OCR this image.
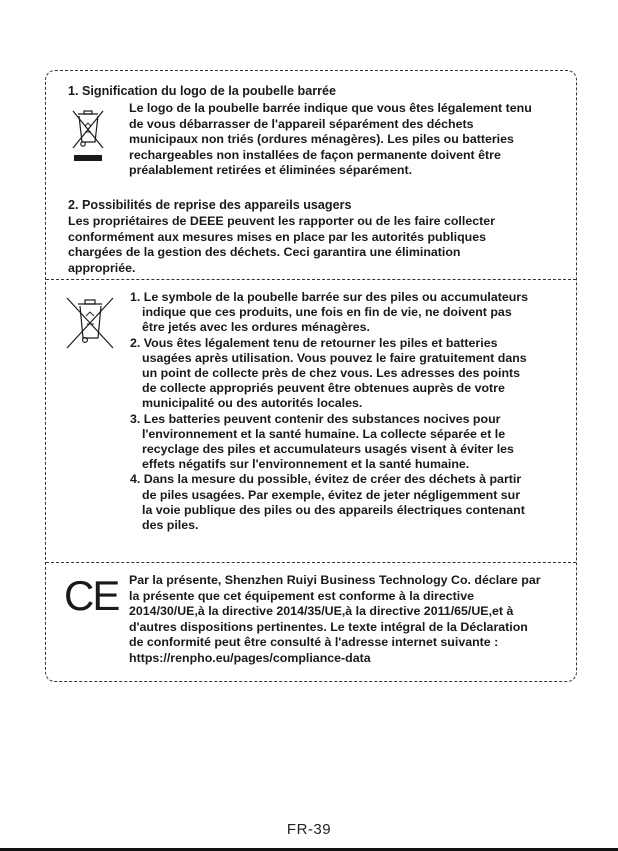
1. Signification du logo de la poubelle barrée
Le logo de la poubelle barrée indique que vous êtes légalement tenu
de vous débarrasser de l'appareil séparément des déchets
municipaux non triés (ordures ménagères). Les piles ou batteries
rechargeables non installées de façon permanente doivent être
préalablement retirées et éliminées séparément.
2. Possibilités de reprise des appareils usagers
Les propriétaires de DEEE peuvent les rapporter ou de les faire collecter
conformément aux mesures mises en place par les autorités publiques
chargées de la gestion des déchets. Ceci garantira une élimination
appropriée.
1. Le symbole de la poubelle barrée sur des piles ou accumulateurs
indique que ces produits, une fois en fin de vie, ne doivent pas
être jetés avec les ordures ménagères.
2. Vous êtes légalement tenu de retourner les piles et batteries
usagées après utilisation. Vous pouvez le faire gratuitement dans
un point de collecte près de chez vous. Les adresses des points
de collecte appropriés peuvent être obtenues auprès de votre
municipalité ou des autorités locales.
3. Les batteries peuvent contenir des substances nocives pour
l'environnement et la santé humaine. La collecte séparée et le
recyclage des piles et accumulateurs usagés visent à éviter les
effets négatifs sur l'environnement et la santé humaine.
4. Dans la mesure du possible, évitez de créer des déchets à partir
de piles usagées. Par exemple, évitez de jeter négligemment sur
la voie publique des piles ou des appareils électriques contenant
des piles.
CE Par la présente, Shenzhen Ruiyi Business Technology Co. déclare par
la présente que cet équipement est conforme à la directive
2014/30/UE,à la directive 2014/35/UE,à la directive 2011/65/UE,et à
d'autres dispositions pertinentes. Le texte intégral de la Déclaration
de conformité peut être consulté à l'adresse internet suivante :
https://renpho.eu/pages/compliance-data
FR-39
